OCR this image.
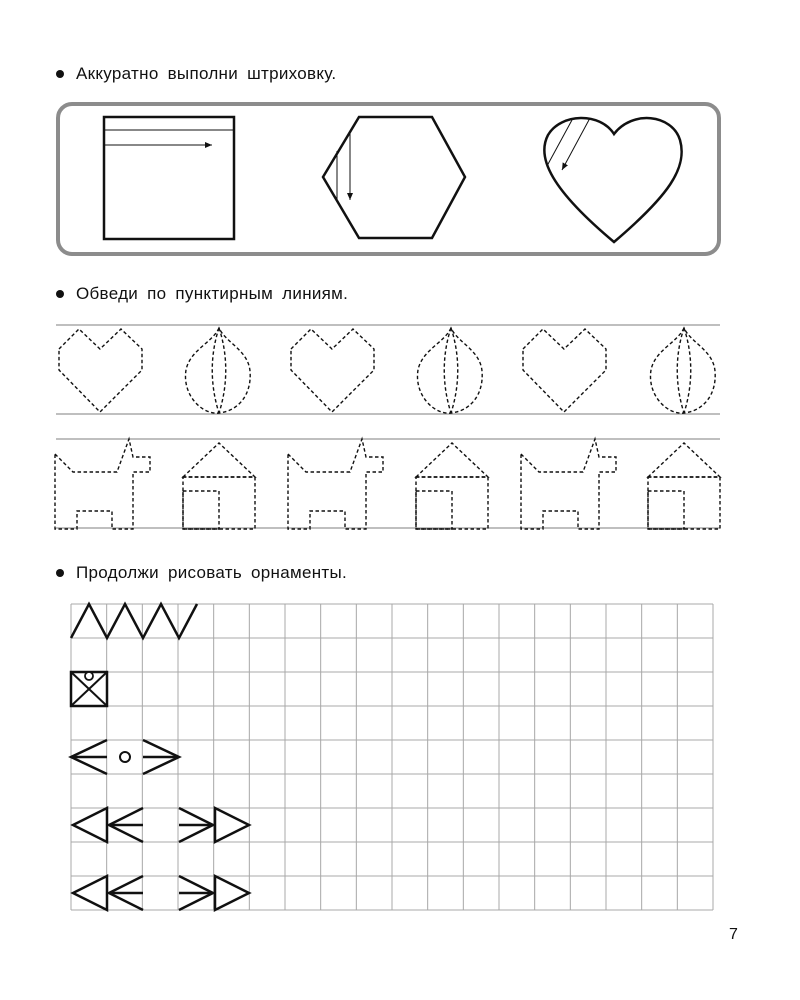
Аккуратно выполни штриховку.
Обведи по пунктирным линиям.
Продолжи рисовать орнаменты.
7
